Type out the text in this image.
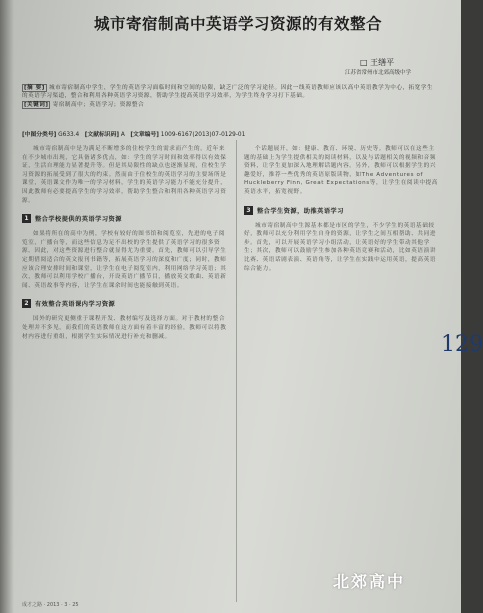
城市寄宿制高中英语学习资源的有效整合
□ 王缮平
江苏省常州市北郊高级中学
[摘 要] 城市寄宿制高中学生，学生的英语学习面临时间和空间的局限，缺乏广泛的学习途径。因此一线英语教师应该以高中英语教学为中心，拓宽学生的英语学习渠道，整合和利用各种英语学习资源，帮助学生提高英语学习效率，为学生终身学习打下基础。
[关键词] 寄宿制高中；英语学习；资源整合
[中图分类号] G633.4 [文献标识码] A [文章编号] 1009-6167(2013)07-0129-01

城市寄宿制高中是为满足不断增多的住校学生的需求而产生的。近年来在不少城市出现，它具备诸多优点，如：学生的学习时间和效率得以有效保证，生活自理能力显著提升等。但是其局限性的缺点也逐渐显现，住校生学习资源的拓展受到了很大的约束。然而由于住校生的英语学习的主要场所是课堂，英语课文作为唯一的学习材料，学生的英语学习能力不能充分提升，因此教师有必要提高学生的学习效率，帮助学生整合和利用各种英语学习资源。

1	整合学校提供的英语学习资源

如果将所在的高中为例，学校有较好的图书馆和阅览室，先进的电子阅览室，广播台等，而这些信息为足不出校的学生提供了英语学习的很多资源。因此，对这些资源进行整合就显得尤为重要。首先，教师可以引导学生定期借阅适合的英文报刊书籍等，拓展英语学习的深度和广度；同时，教师应该合理安排时间和课堂，让学生在电子阅览室内，利用网络学习英语；其次，教师可以利用学校广播台，开设英语广播节目，播放英文歌曲、英语新闻、英语故事等内容，让学生在课余时间也能接触到英语。

2	有效整合英语课内学习资源

国外的研究更侧重于课程开发、教材编写及选择方面。对于教材的整合处理并不多见，而我们的英语教师在这方面有着丰富的经验，教师可以将教材内容进行重组，根据学生实际情况进行补充和删减。

个话题展开，如：健康、教育、环境、历史等。教师可以在这些主题的基础上为学生提供相关的阅读材料，以及与话题相关的视频和音频资料，让学生更加深入地理解话题内容。另外，教师可以根据学生的兴趣爱好，推荐一些优秀的英语原版读物，如The Adventures of Huckleberry Finn, Great Expectations等，让学生在阅读中提高英语水平，拓宽视野。

3	整合学生资源，助推英语学习

城市寄宿制高中生源基本都是市区的学生，不少学生的英语基础较好，教师可以充分利用学生自身的资源，让学生之间互相帮助、共同进步。首先，可以开展英语学习小组活动，让英语好的学生带动其他学生；其次，教师可以鼓励学生参加各种英语竞赛和活动，比如英语演讲比赛、英语话剧表演、英语角等，让学生在实践中运用英语，提高英语综合能力。

129
成才之路 · 2013 · 3 · 25
北郊高中
